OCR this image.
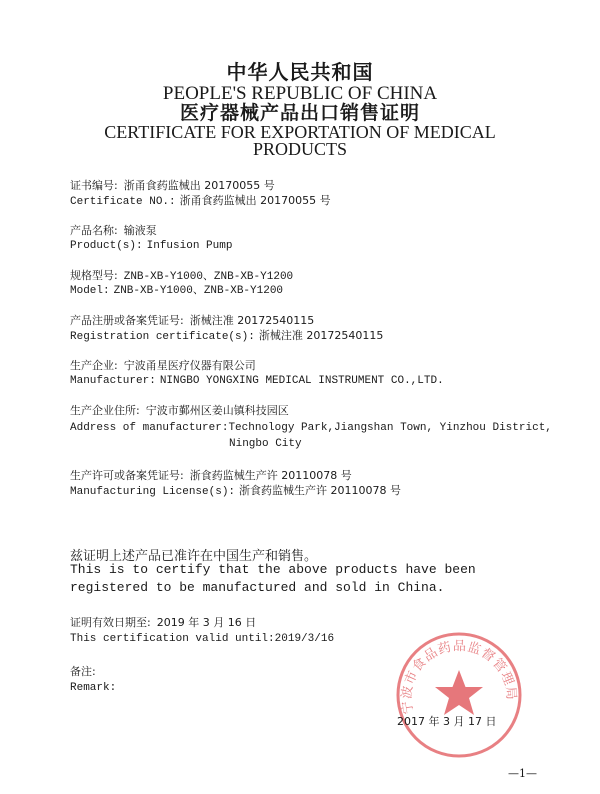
中华人民共和国
PEOPLE'S REPUBLIC OF CHINA
医疗器械产品出口销售证明
CERTIFICATE FOR EXPORTATION OF MEDICAL PRODUCTS
证书编号: 浙甬食药监械出 20170055 号
Certificate NO.: 浙甬食药监械出 20170055 号
产品名称: 输液泵
Product(s): Infusion Pump
规格型号: ZNB-XB-Y1000、ZNB-XB-Y1200
Model: ZNB-XB-Y1000、ZNB-XB-Y1200
产品注册或备案凭证号: 浙械注准 20172540115
Registration certificate(s): 浙械注准 20172540115
生产企业: 宁波甬星医疗仪器有限公司
Manufacturer: NINGBO YONGXING MEDICAL INSTRUMENT CO.,LTD.
生产企业住所: 宁波市鄞州区姜山镇科技园区
Address of manufacturer:Technology Park,Jiangshan Town, Yinzhou District,
Ningbo City
生产许可或备案凭证号: 浙食药监械生产许 20110078 号
Manufacturing License(s): 浙食药监械生产许 20110078 号
兹证明上述产品已准许在中国生产和销售。
This is to certify that the above products have been registered to be manufactured and sold in China.
证明有效日期至: 2019 年 3 月 16 日
This certification valid until:2019/3/16
备注:
Remark:
宁波市食品药品监督管理局
2017 年 3 月 17 日
—1—
